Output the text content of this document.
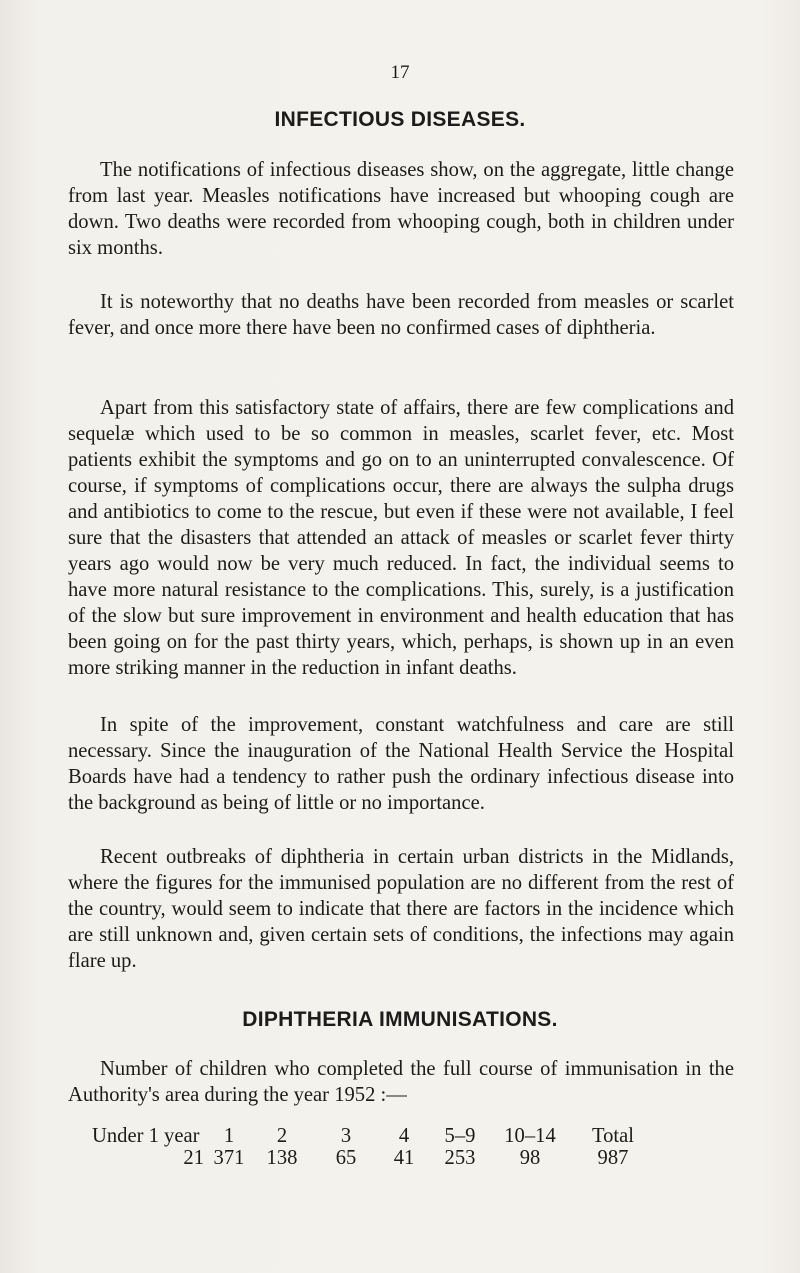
17
INFECTIOUS DISEASES.

The notifications of infectious diseases show, on the aggregate, little change from last year. Measles notifications have increased but whooping cough are down. Two deaths were recorded from whooping cough, both in children under six months.

It is noteworthy that no deaths have been recorded from measles or scarlet fever, and once more there have been no confirmed cases of diphtheria.

Apart from this satisfactory state of affairs, there are few complications and sequelæ which used to be so common in measles, scarlet fever, etc. Most patients exhibit the symptoms and go on to an uninterrupted convalescence. Of course, if symptoms of complications occur, there are always the sulpha drugs and antibiotics to come to the rescue, but even if these were not available, I feel sure that the disasters that attended an attack of measles or scarlet fever thirty years ago would now be very much reduced. In fact, the individual seems to have more natural resistance to the complications. This, surely, is a justification of the slow but sure improvement in environment and health education that has been going on for the past thirty years, which, perhaps, is shown up in an even more striking manner in the reduction in infant deaths.

In spite of the improvement, constant watchfulness and care are still necessary. Since the inauguration of the National Health Service the Hospital Boards have had a tendency to rather push the ordinary infectious disease into the background as being of little or no importance.

Recent outbreaks of diphtheria in certain urban districts in the Midlands, where the figures for the immunised population are no different from the rest of the country, would seem to indicate that there are factors in the incidence which are still unknown and, given certain sets of conditions, the infections may again flare up.

DIPHTHERIA IMMUNISATIONS.

Number of children who completed the full course of immunisation in the Authority's area during the year 1952 :—

Under 1 year	1	2	3	4	5–9	10–14	Total
21	371	138	65	41	253	98	987
